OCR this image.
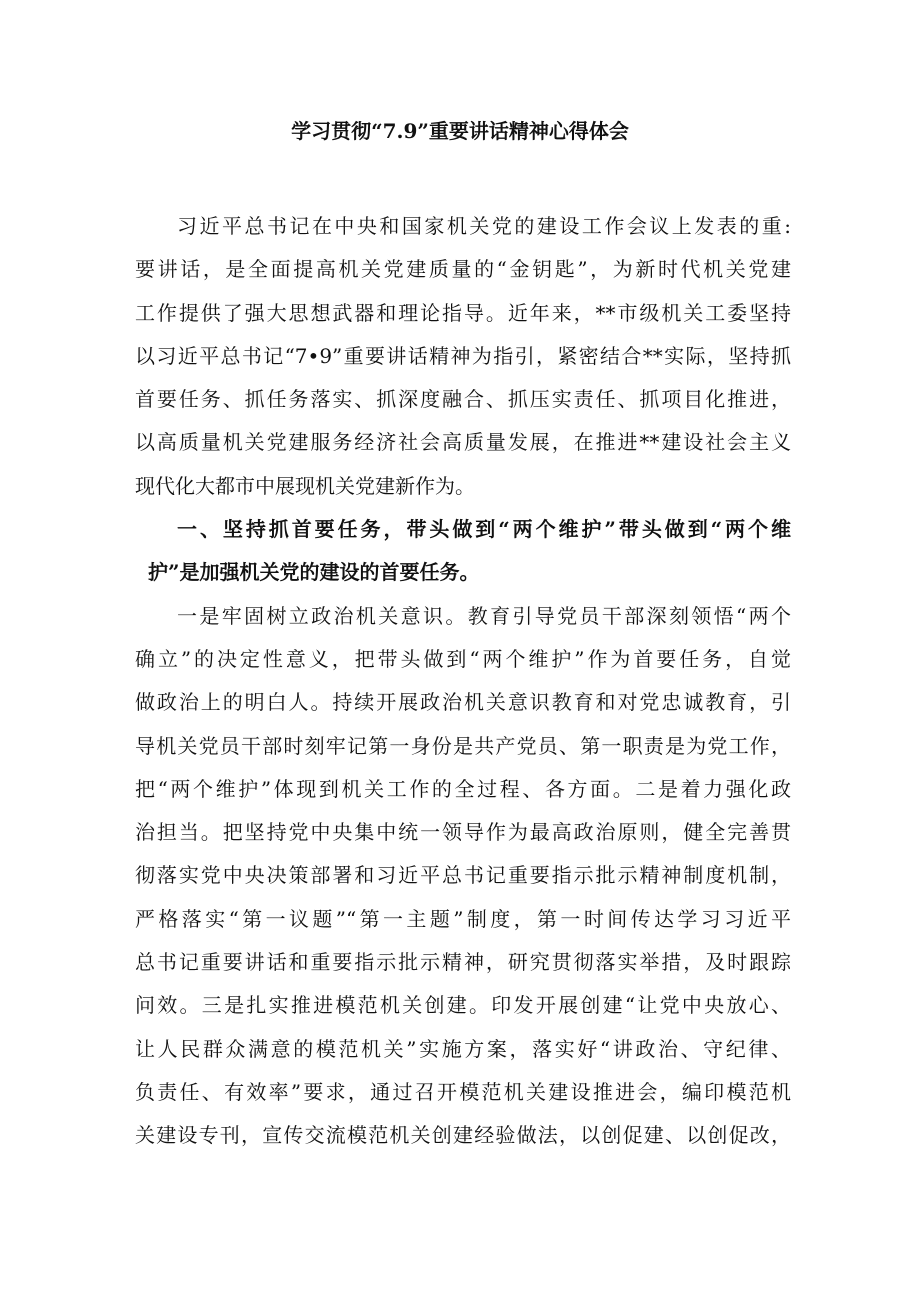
学习贯彻“7.9”重要讲话精神心得体会
习近平总书记在中央和国家机关党的建设工作会议上发表的重:
要讲话，是全面提高机关党建质量的“金钥匙”，为新时代机关党建
工作提供了强大思想武器和理论指导。近年来，**市级机关工委坚持
以习近平总书记“7•9”重要讲话精神为指引，紧密结合**实际，坚持抓
首要任务、抓任务落实、抓深度融合、抓压实责任、抓项目化推进，
以高质量机关党建服务经济社会高质量发展，在推进**建设社会主义
现代化大都市中展现机关党建新作为。
一、坚持抓首要任务，带头做到“两个维护”带头做到“两个维
护”是加强机关党的建设的首要任务。
一是牢固树立政治机关意识。教育引导党员干部深刻领悟“两个
确立”的决定性意义，把带头做到“两个维护”作为首要任务，自觉
做政治上的明白人。持续开展政治机关意识教育和对党忠诚教育，引
导机关党员干部时刻牢记第一身份是共产党员、第一职责是为党工作，
把“两个维护”体现到机关工作的全过程、各方面。二是着力强化政
治担当。把坚持党中央集中统一领导作为最高政治原则，健全完善贯
彻落实党中央决策部署和习近平总书记重要指示批示精神制度机制，
严格落实“第一议题”“第一主题”制度，第一时间传达学习习近平
总书记重要讲话和重要指示批示精神，研究贯彻落实举措，及时跟踪
问效。三是扎实推进模范机关创建。印发开展创建“让党中央放心、
让人民群众满意的模范机关”实施方案，落实好“讲政治、守纪律、
负责任、有效率”要求，通过召开模范机关建设推进会，编印模范机
关建设专刊，宣传交流模范机关创建经验做法，以创促建、以创促改，
